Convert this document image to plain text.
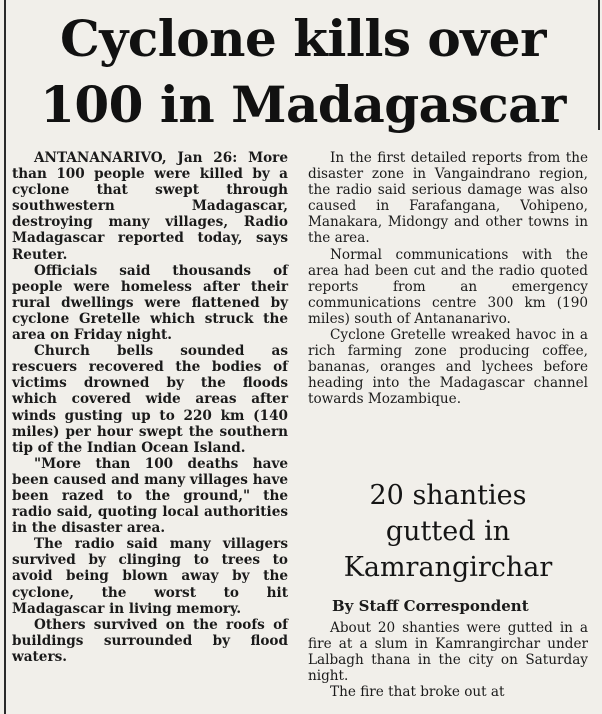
Cyclone kills over
100 in Madagascar

ANTANANARIVO, Jan 26: More than 100 people were killed by a cyclone that swept through southwestern Madagascar, destroying many villages, Radio Madagascar reported today, says Reuter.

Officials said thousands of people were homeless after their rural dwellings were flattened by cyclone Gretelle which struck the area on Friday night.

Church bells sounded as rescuers recovered the bodies of victims drowned by the floods which covered wide areas after winds gusting up to 220 km (140 miles) per hour swept the southern tip of the Indian Ocean Island.

"More than 100 deaths have been caused and many villages have been razed to the ground," the radio said, quoting local authorities in the disaster area.

The radio said many villagers survived by clinging to trees to avoid being blown away by the cyclone, the worst to hit Madagascar in living memory.

Others survived on the roofs of buildings surrounded by flood waters.

In the first detailed reports from the disaster zone in Vangaindrano region, the radio said serious damage was also caused in Farafangana, Vohipeno, Manakara, Midongy and other towns in the area.

Normal communications with the area had been cut and the radio quoted reports from an emergency communications centre 300 km (190 miles) south of Antananarivo.

Cyclone Gretelle wreaked havoc in a rich farming zone producing coffee, bananas, oranges and lychees before heading into the Madagascar channel towards Mozambique.

20 shanties
gutted in
Kamrangirchar
By Staff Correspondent

About 20 shanties were gutted in a fire at a slum in Kamrangirchar under Lalbagh thana in the city on Saturday night.

The fire that broke out at
